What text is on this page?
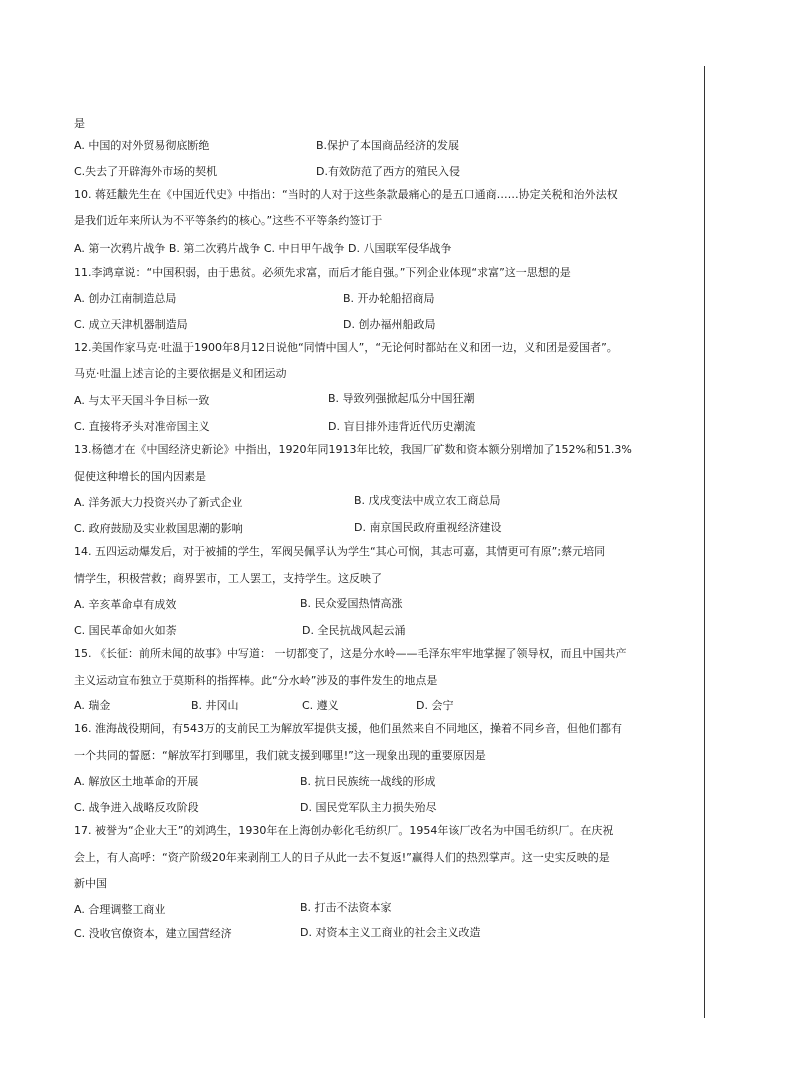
是
A. 中国的对外贸易彻底断绝	B.保护了本国商品经济的发展
C.失去了开辟海外市场的契机	D.有效防范了西方的殖民入侵
10. 蒋廷黻先生在《中国近代史》中指出：“当时的人对于这些条款最痛心的是五口通商……协定关税和治外法权
是我们近年来所认为不平等条约的核心。”这些不平等条约签订于
A. 第一次鸦片战争 B. 第二次鸦片战争 C. 中日甲午战争 D. 八国联军侵华战争
11.李鸿章说：“中国积弱，由于患贫。必须先求富，而后才能自强。”下列企业体现“求富”这一思想的是
A. 创办江南制造总局	B. 开办轮船招商局
C. 成立天津机器制造局	D. 创办福州船政局
12.美国作家马克·吐温于1900年8月12日说他“同情中国人”，“无论何时都站在义和团一边，义和团是爱国者”。
马克·吐温上述言论的主要依据是义和团运动
A. 与太平天国斗争目标一致	B. 导致列强掀起瓜分中国狂潮
C. 直接将矛头对准帝国主义	D. 盲目排外违背近代历史潮流
13.杨德才在《中国经济史新论》中指出，1920年同1913年比较，我国厂矿数和资本额分别增加了152%和51.3%
促使这种增长的国内因素是
A. 洋务派大力投资兴办了新式企业	B. 戊戌变法中成立农工商总局
C. 政府鼓励及实业救国思潮的影响	D. 南京国民政府重视经济建设
14. 五四运动爆发后，对于被捕的学生，军阀吴佩孚认为学生“其心可悯，其志可嘉，其情更可有原”;蔡元培同
情学生，积极营救；商界罢市，工人罢工，支持学生。这反映了
A. 辛亥革命卓有成效	B. 民众爱国热情高涨
C. 国民革命如火如荼	D. 全民抗战风起云涌
15. 《长征：前所未闻的故事》中写道： 一切都变了，这是分水岭——毛泽东牢牢地掌握了领导权，而且中国共产
主义运动宣布独立于莫斯科的指挥棒。此“分水岭”涉及的事件发生的地点是
A. 瑞金	B. 井冈山	C. 遵义	D. 会宁
16. 淮海战役期间，有543万的支前民工为解放军提供支援，他们虽然来自不同地区，操着不同乡音，但他们都有
一个共同的誓愿：“解放军打到哪里，我们就支援到哪里!”这一现象出现的重要原因是
A. 解放区土地革命的开展	B. 抗日民族统一战线的形成
C. 战争进入战略反攻阶段	D. 国民党军队主力损失殆尽
17. 被誉为“企业大王”的刘鸿生，1930年在上海创办彰化毛纺织厂。1954年该厂改名为中国毛纺织厂。在庆祝
会上，有人高呼：“资产阶级20年来剥削工人的日子从此一去不复返!”赢得人们的热烈掌声。这一史实反映的是
新中国
A. 合理调整工商业	B. 打击不法资本家
C. 没收官僚资本，建立国营经济	D. 对资本主义工商业的社会主义改造
